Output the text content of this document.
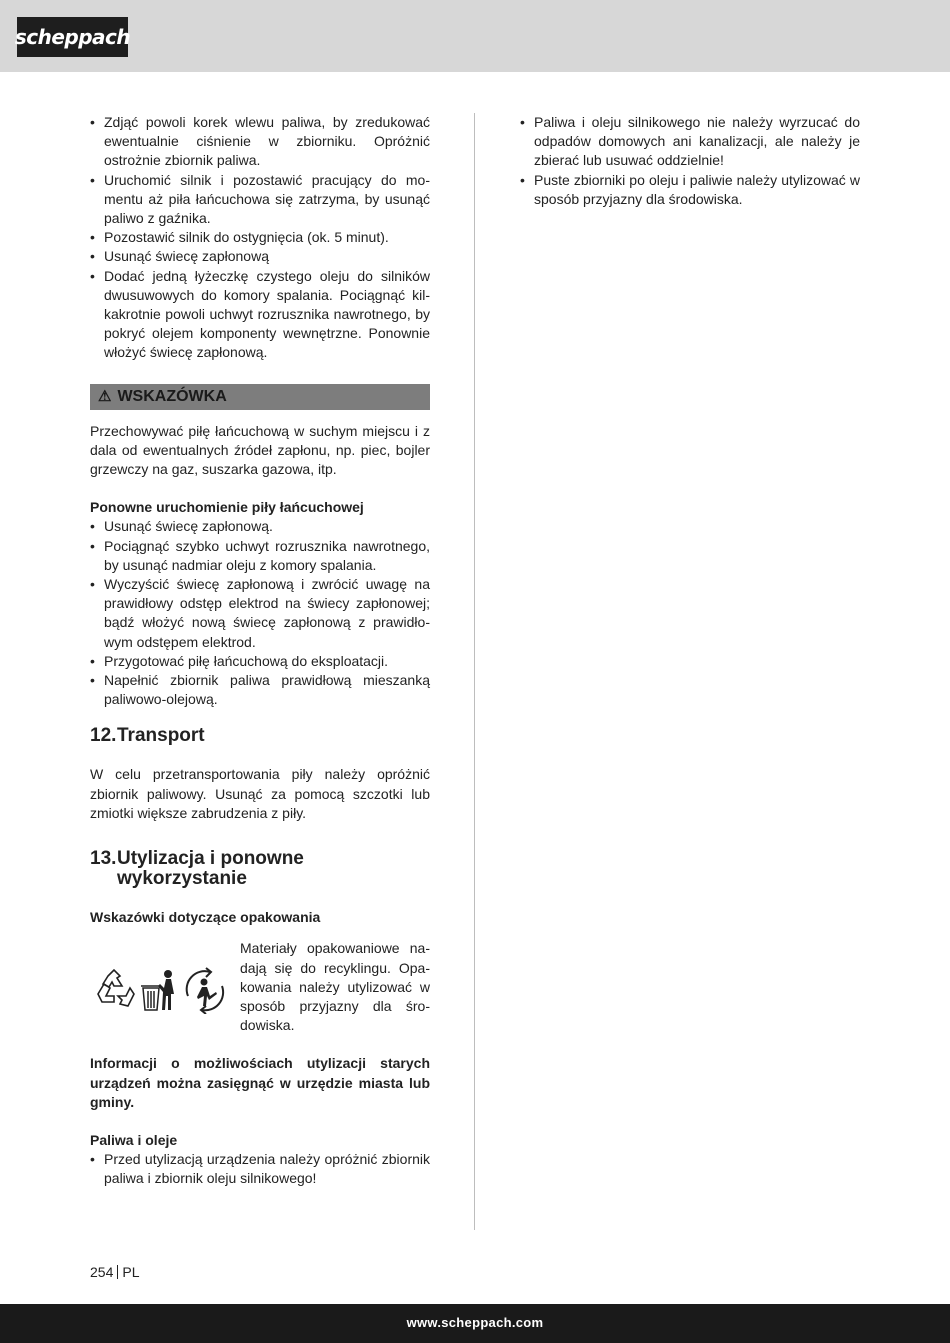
scheppach
• Zdjąć powoli korek wlewu paliwa, by zredukować ewentualnie ciśnienie w zbiorniku. Opróżnić ostrożnie zbiornik paliwa.
• Uruchomić silnik i pozostawić pracujący do momentu aż piła łańcuchowa się zatrzyma, by usunąć paliwo z gaźnika.
• Pozostawić silnik do ostygnięcia (ok. 5 minut).
• Usunąć świecę zapłonową
• Dodać jedną łyżeczkę czystego oleju do silników dwusuwowych do komory spalania. Pociągnąć kilkakrotnie powoli uchwyt rozrusznika nawrotnego, by pokryć olejem komponenty wewnętrzne. Ponownie włożyć świecę zapłonową.
⚠ WSKAZÓWKA

Przechowywać piłę łańcuchową w suchym miejscu i z dala od ewentualnych źródeł zapłonu, np. piec, bojler grzewczy na gaz, suszarka gazowa, itp.

Ponowne uruchomienie piły łańcuchowej

• Usunąć świecę zapłonową.
• Pociągnąć szybko uchwyt rozrusznika nawrotnego, by usunąć nadmiar oleju z komory spalania.
• Wyczyścić świecę zapłonową i zwrócić uwagę na prawidłowy odstęp elektrod na świecy zapłonowej; bądź włożyć nową świecę zapłonową z prawidłowym odstępem elektrod.
• Przygotować piłę łańcuchową do eksploatacji.
• Napełnić zbiornik paliwa prawidłową mieszanką paliwowo-olejową.
12. Transport

W celu przetransportowania piły należy opróżnić zbiornik paliwowy. Usunąć za pomocą szczotki lub zmiotki większe zabrudzenia z piły.

13. Utylizacja i ponowne
wykorzystanie

Wskazówki dotyczące opakowania

Materiały opakowaniowe nadają się do recyklingu. Opakowania należy utylizować w sposób przyjazny dla środowiska.

Informacji o możliwościach utylizacji starych urządzeń można zasięgnąć w urzędzie miasta lub gminy.

Paliwa i oleje

• Przed utylizacją urządzenia należy opróżnić zbiornik paliwa i zbiornik oleju silnikowego!
• Paliwa i oleju silnikowego nie należy wyrzucać do odpadów domowych ani kanalizacji, ale należy je zbierać lub usuwać oddzielnie!
• Puste zbiorniki po oleju i paliwie należy utylizować w sposób przyjazny dla środowiska.
254 PL
www.scheppach.com
